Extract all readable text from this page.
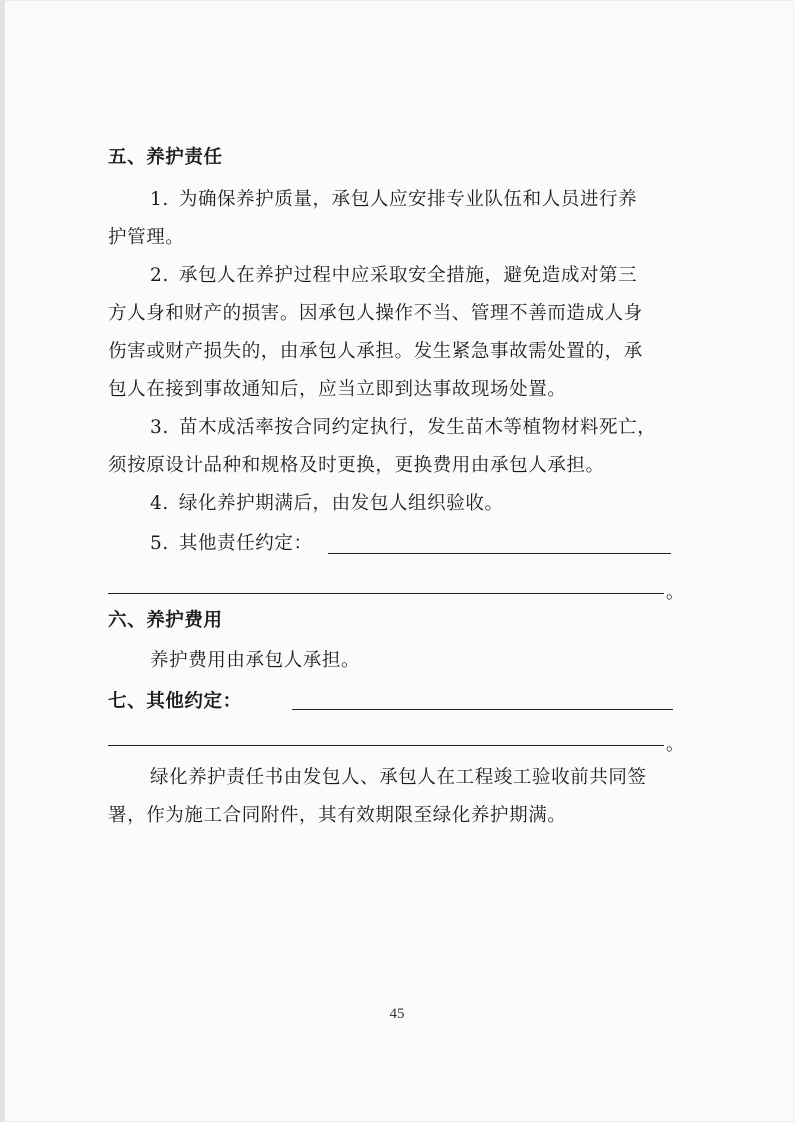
五、养护责任
1. 为确保养护质量，承包人应安排专业队伍和人员进行养
护管理。
2. 承包人在养护过程中应采取安全措施，避免造成对第三
方人身和财产的损害。因承包人操作不当、管理不善而造成人身
伤害或财产损失的，由承包人承担。发生紧急事故需处置的，承
包人在接到事故通知后，应当立即到达事故现场处置。
3. 苗木成活率按合同约定执行，发生苗木等植物材料死亡，
须按原设计品种和规格及时更换，更换费用由承包人承担。
4. 绿化养护期满后，由发包人组织验收。
5. 其他责任约定：
。
六、养护费用
养护费用由承包人承担。
七、其他约定：
。
绿化养护责任书由发包人、承包人在工程竣工验收前共同签
署，作为施工合同附件，其有效期限至绿化养护期满。
45
